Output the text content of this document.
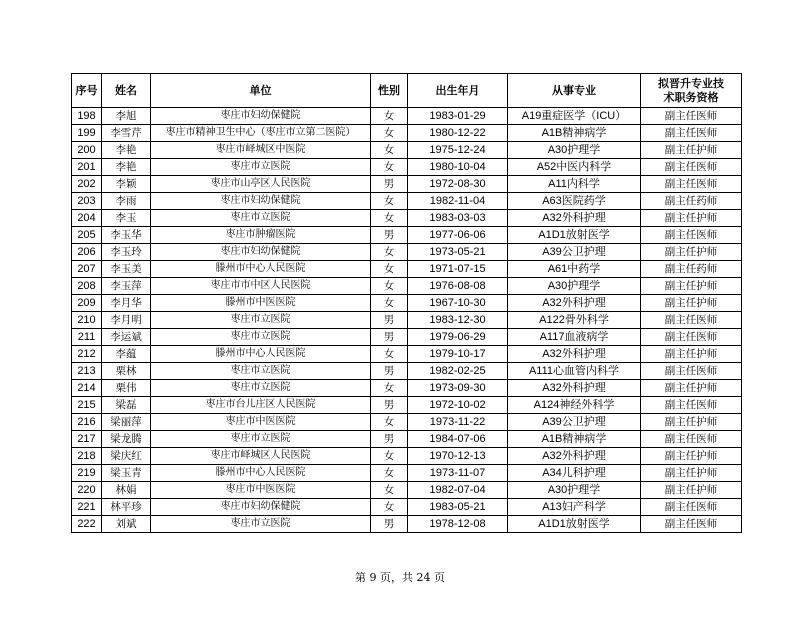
序号	姓名	单位	性别	出生年月	从事专业	拟晋升专业技
术职务资格

198	李旭	枣庄市妇幼保健院	女	1983-01-29	A19重症医学（ICU）	副主任医师
199	李雪芹	枣庄市精神卫生中心（枣庄市立第二医院）	女	1980-12-22	A1B精神病学	副主任医师
200	李艳	枣庄市峄城区中医院	女	1975-12-24	A30护理学	副主任护师
201	李艳	枣庄市立医院	女	1980-10-04	A52中医内科学	副主任医师
202	李颖	枣庄市山亭区人民医院	男	1972-08-30	A11内科学	副主任医师
203	李雨	枣庄市妇幼保健院	女	1982-11-04	A63医院药学	副主任药师
204	李玉	枣庄市立医院	女	1983-03-03	A32外科护理	副主任护师
205	李玉华	枣庄市肿瘤医院	男	1977-06-06	A1D1放射医学	副主任医师
206	李玉玲	枣庄市妇幼保健院	女	1973-05-21	A39公卫护理	副主任护师
207	李玉美	滕州市中心人民医院	女	1971-07-15	A61中药学	副主任药师
208	李玉萍	枣庄市市中区人民医院	女	1976-08-08	A30护理学	副主任护师
209	李月华	滕州市中医医院	女	1967-10-30	A32外科护理	副主任护师
210	李月明	枣庄市立医院	男	1983-12-30	A122骨外科学	副主任医师
211	李运斌	枣庄市立医院	男	1979-06-29	A117血液病学	副主任医师
212	李蕴	滕州市中心人民医院	女	1979-10-17	A32外科护理	副主任护师
213	栗林	枣庄市立医院	男	1982-02-25	A111心血管内科学	副主任医师
214	栗伟	枣庄市立医院	女	1973-09-30	A32外科护理	副主任护师
215	梁磊	枣庄市台儿庄区人民医院	男	1972-10-02	A124神经外科学	副主任医师
216	梁丽萍	枣庄市中医医院	女	1973-11-22	A39公卫护理	副主任护师
217	梁龙腾	枣庄市立医院	男	1984-07-06	A1B精神病学	副主任医师
218	梁庆红	枣庄市峄城区人民医院	女	1970-12-13	A32外科护理	副主任护师
219	梁玉青	滕州市中心人民医院	女	1973-11-07	A34儿科护理	副主任护师
220	林娟	枣庄市中医医院	女	1982-07-04	A30护理学	副主任护师
221	林平珍	枣庄市妇幼保健院	女	1983-05-21	A13妇产科学	副主任医师
222	刘斌	枣庄市立医院	男	1978-12-08	A1D1放射医学	副主任医师
第 9 页，共 24 页
